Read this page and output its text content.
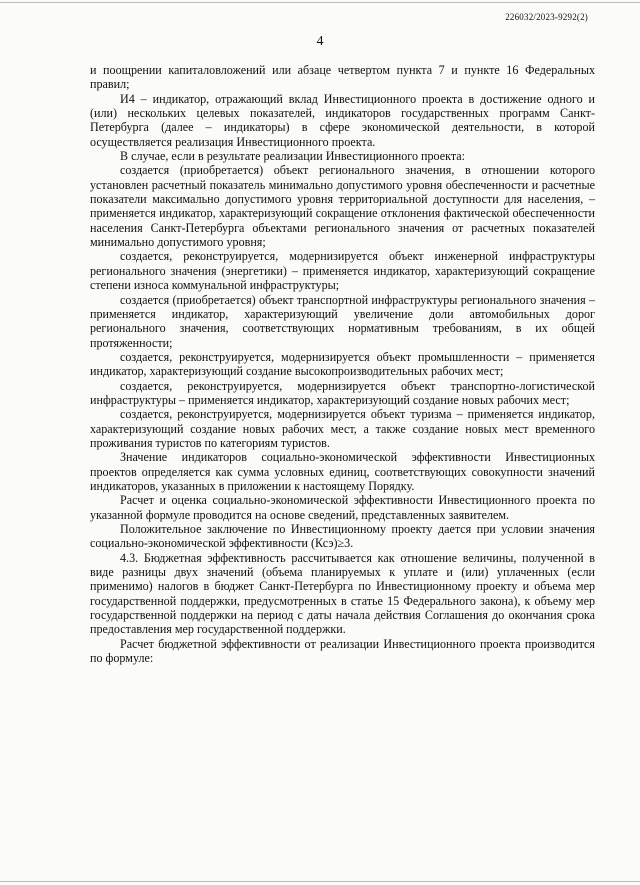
226032/2023-9292(2)
4

и поощрении капиталовложений или абзаце четвертом пункта 7 и пункте 16 Федеральных правил;

И4 – индикатор, отражающий вклад Инвестиционного проекта в достижение одного и (или) нескольких целевых показателей, индикаторов государственных программ Санкт-Петербурга (далее – индикаторы) в сфере экономической деятельности, в которой осуществляется реализация Инвестиционного проекта.

В случае, если в результате реализации Инвестиционного проекта:

создается (приобретается) объект регионального значения, в отношении которого установлен расчетный показатель минимально допустимого уровня обеспеченности и расчетные показатели максимально допустимого уровня территориальной доступности для населения, – применяется индикатор, характеризующий сокращение отклонения фактической обеспеченности населения Санкт-Петербурга объектами регионального значения от расчетных показателей минимально допустимого уровня;

создается, реконструируется, модернизируется объект инженерной инфраструктуры регионального значения (энергетики) – применяется индикатор, характеризующий сокращение степени износа коммунальной инфраструктуры;

создается (приобретается) объект транспортной инфраструктуры регионального значения – применяется индикатор, характеризующий увеличение доли автомобильных дорог регионального значения, соответствующих нормативным требованиям, в их общей протяженности;

создается, реконструируется, модернизируется объект промышленности – применяется индикатор, характеризующий создание высокопроизводительных рабочих мест;

создается, реконструируется, модернизируется объект транспортно-логистической инфраструктуры – применяется индикатор, характеризующий создание новых рабочих мест;

создается, реконструируется, модернизируется объект туризма – применяется индикатор, характеризующий создание новых рабочих мест, а также создание новых мест временного проживания туристов по категориям туристов.

Значение индикаторов социально-экономической эффективности Инвестиционных проектов определяется как сумма условных единиц, соответствующих совокупности значений индикаторов, указанных в приложении к настоящему Порядку.

Расчет и оценка социально-экономической эффективности Инвестиционного проекта по указанной формуле проводится на основе сведений, представленных заявителем.

Положительное заключение по Инвестиционному проекту дается при условии значения социально-экономической эффективности (Ксэ)≥3.

4.3. Бюджетная эффективность рассчитывается как отношение величины, полученной в виде разницы двух значений (объема планируемых к уплате и (или) уплаченных (если применимо) налогов в бюджет Санкт-Петербурга по Инвестиционному проекту и объема мер государственной поддержки, предусмотренных в статье 15 Федерального закона), к объему мер государственной поддержки на период с даты начала действия Соглашения до окончания срока предоставления мер государственной поддержки.

Расчет бюджетной эффективности от реализации Инвестиционного проекта производится по формуле:
